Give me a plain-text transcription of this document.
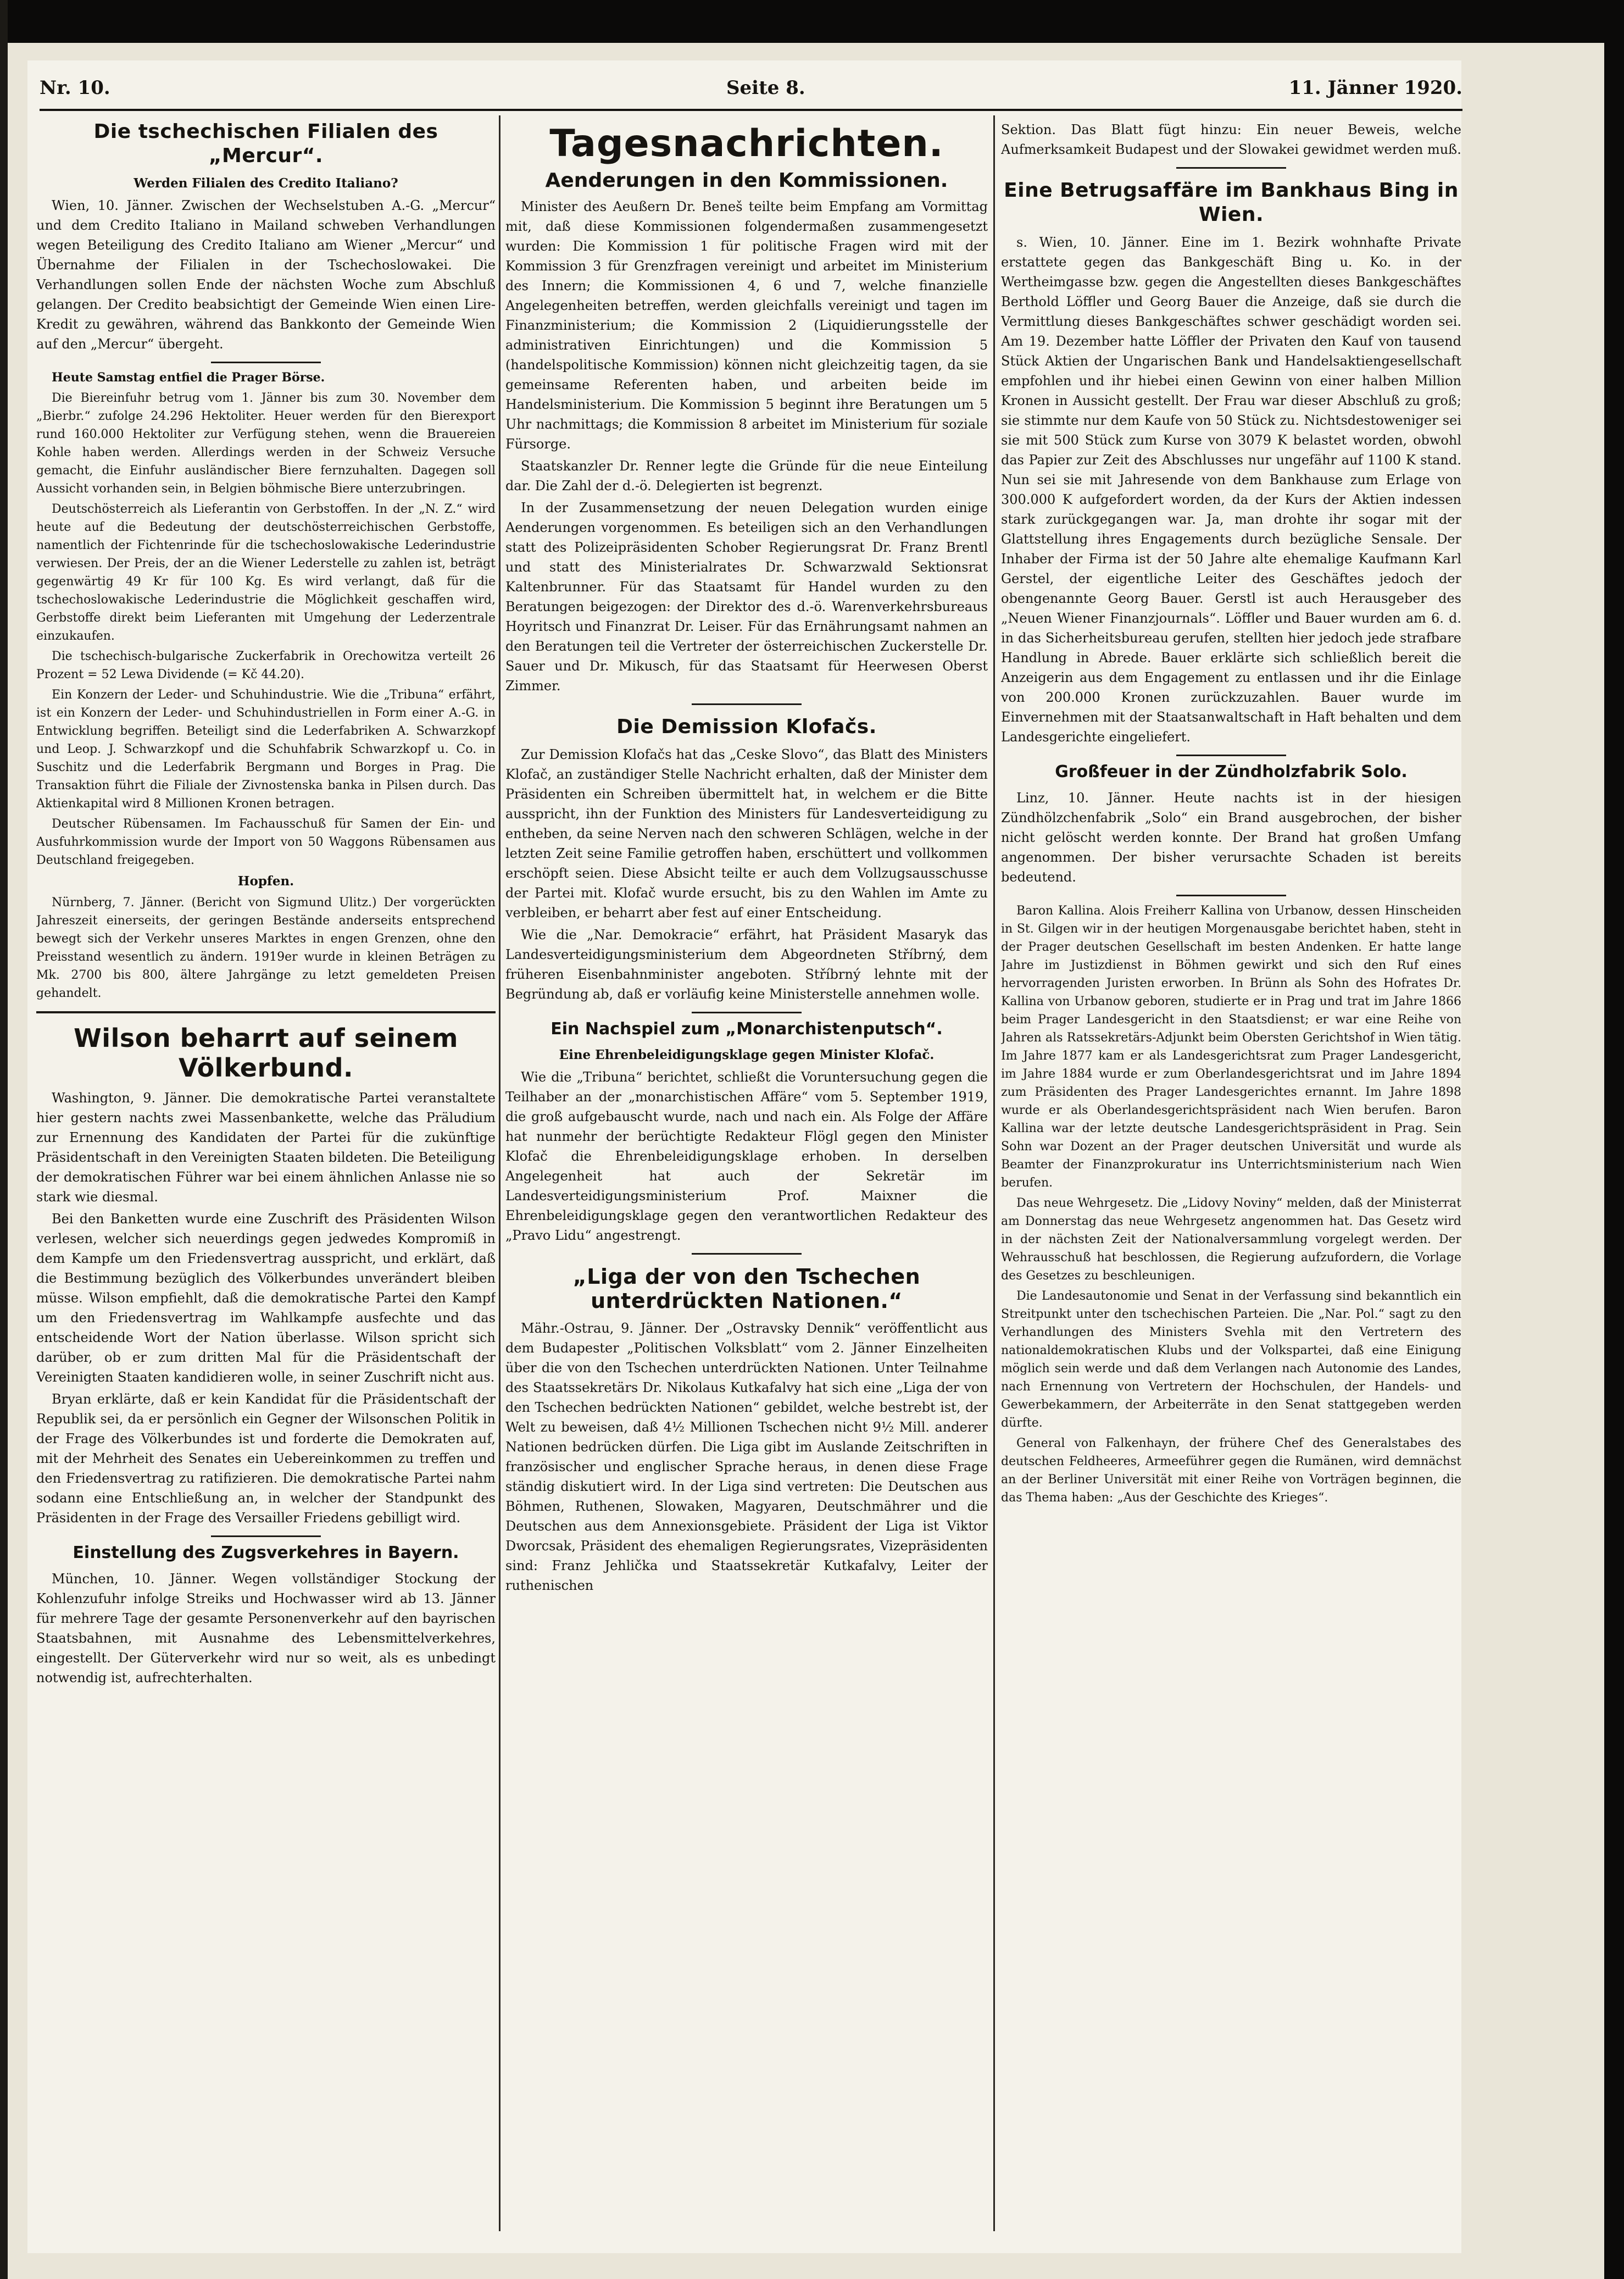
Nr. 10.	Seite 8.	11. Jänner 1920.
Die tschechischen Filialen des „Mercur“.

Werden Filialen des Credito Italiano?

Wien, 10. Jänner. Zwischen der Wechselstuben A.-G. „Mercur“ und dem Credito Italiano in Mailand schweben Verhandlungen wegen Beteiligung des Credito Italiano am Wiener „Mercur“ und Übernahme der Filialen in der Tschechoslowakei. Die Verhandlungen sollen Ende der nächsten Woche zum Abschluß gelangen. Der Credito beabsichtigt der Gemeinde Wien einen Lire-Kredit zu gewähren, während das Bankkonto der Gemeinde Wien auf den „Mercur“ übergeht.

Heute Samstag entfiel die Prager Börse.

Die Biereinfuhr betrug vom 1. Jänner bis zum 30. November dem „Bierbr.“ zufolge 24.296 Hektoliter. Heuer werden für den Bierexport rund 160.000 Hektoliter zur Verfügung stehen, wenn die Brauereien Kohle haben werden. Allerdings werden in der Schweiz Versuche gemacht, die Einfuhr ausländischer Biere fernzuhalten. Dagegen soll Aussicht vorhanden sein, in Belgien böhmische Biere unterzubringen.

Deutschösterreich als Lieferantin von Gerbstoffen. In der „N. Z.“ wird heute auf die Bedeutung der deutschösterreichischen Gerbstoffe, namentlich der Fichtenrinde für die tschechoslowakische Lederindustrie verwiesen. Der Preis, der an die Wiener Lederstelle zu zahlen ist, beträgt gegenwärtig 49 Kr für 100 Kg. Es wird verlangt, daß für die tschechoslowakische Lederindustrie die Möglichkeit geschaffen wird, Gerbstoffe direkt beim Lieferanten mit Umgehung der Lederzentrale einzukaufen.

Die tschechisch-bulgarische Zuckerfabrik in Orechowitza verteilt 26 Prozent = 52 Lewa Dividende (= Kč 44.20).

Ein Konzern der Leder- und Schuhindustrie. Wie die „Tribuna“ erfährt, ist ein Konzern der Leder- und Schuhindustriellen in Form einer A.-G. in Entwicklung begriffen. Beteiligt sind die Lederfabriken A. Schwarzkopf und Leop. J. Schwarzkopf und die Schuhfabrik Schwarzkopf u. Co. in Suschitz und die Lederfabrik Bergmann und Borges in Prag. Die Transaktion führt die Filiale der Zivnostenska banka in Pilsen durch. Das Aktienkapital wird 8 Millionen Kronen betragen.

Deutscher Rübensamen. Im Fachausschuß für Samen der Ein- und Ausfuhrkommission wurde der Import von 50 Waggons Rübensamen aus Deutschland freigegeben.

Hopfen.

Nürnberg, 7. Jänner. (Bericht von Sigmund Ulitz.) Der vorgerückten Jahreszeit einerseits, der geringen Bestände anderseits entsprechend bewegt sich der Verkehr unseres Marktes in engen Grenzen, ohne den Preisstand wesentlich zu ändern. 1919er wurde in kleinen Beträgen zu Mk. 2700 bis 800, ältere Jahrgänge zu letzt gemeldeten Preisen gehandelt.

Wilson beharrt auf seinem Völkerbund.

Washington, 9. Jänner. Die demokratische Partei veranstaltete hier gestern nachts zwei Massenbankette, welche das Präludium zur Ernennung des Kandidaten der Partei für die zukünftige Präsidentschaft in den Vereinigten Staaten bildeten. Die Beteiligung der demokratischen Führer war bei einem ähnlichen Anlasse nie so stark wie diesmal.

Bei den Banketten wurde eine Zuschrift des Präsidenten Wilson verlesen, welcher sich neuerdings gegen jedwedes Kompromiß in dem Kampfe um den Friedensvertrag ausspricht, und erklärt, daß die Bestimmung bezüglich des Völkerbundes unverändert bleiben müsse. Wilson empfiehlt, daß die demokratische Partei den Kampf um den Friedensvertrag im Wahlkampfe ausfechte und das entscheidende Wort der Nation überlasse. Wilson spricht sich darüber, ob er zum dritten Mal für die Präsidentschaft der Vereinigten Staaten kandidieren wolle, in seiner Zuschrift nicht aus.

Bryan erklärte, daß er kein Kandidat für die Präsidentschaft der Republik sei, da er persönlich ein Gegner der Wilsonschen Politik in der Frage des Völkerbundes ist und forderte die Demokraten auf, mit der Mehrheit des Senates ein Uebereinkommen zu treffen und den Friedensvertrag zu ratifizieren. Die demokratische Partei nahm sodann eine Entschließung an, in welcher der Standpunkt des Präsidenten in der Frage des Versailler Friedens gebilligt wird.

Einstellung des Zugsverkehres in Bayern.

München, 10. Jänner. Wegen vollständiger Stockung der Kohlenzufuhr infolge Streiks und Hochwasser wird ab 13. Jänner für mehrere Tage der gesamte Personenverkehr auf den bayrischen Staatsbahnen, mit Ausnahme des Lebensmittelverkehres, eingestellt. Der Güterverkehr wird nur so weit, als es unbedingt notwendig ist, aufrechterhalten.

Tagesnachrichten.
Aenderungen in den Kommissionen.

Minister des Aeußern Dr. Beneš teilte beim Empfang am Vormittag mit, daß diese Kommissionen folgendermaßen zusammengesetzt wurden: Die Kommission 1 für politische Fragen wird mit der Kommission 3 für Grenzfragen vereinigt und arbeitet im Ministerium des Innern; die Kommissionen 4, 6 und 7, welche finanzielle Angelegenheiten betreffen, werden gleichfalls vereinigt und tagen im Finanzministerium; die Kommission 2 (Liquidierungsstelle der administrativen Einrichtungen) und die Kommission 5 (handelspolitische Kommission) können nicht gleichzeitig tagen, da sie gemeinsame Referenten haben, und arbeiten beide im Handelsministerium. Die Kommission 5 beginnt ihre Beratungen um 5 Uhr nachmittags; die Kommission 8 arbeitet im Ministerium für soziale Fürsorge.

Staatskanzler Dr. Renner legte die Gründe für die neue Einteilung dar. Die Zahl der d.-ö. Delegierten ist begrenzt.

In der Zusammensetzung der neuen Delegation wurden einige Aenderungen vorgenommen. Es beteiligen sich an den Verhandlungen statt des Polizeipräsidenten Schober Regierungsrat Dr. Franz Brentl und statt des Ministerialrates Dr. Schwarzwald Sektionsrat Kaltenbrunner. Für das Staatsamt für Handel wurden zu den Beratungen beigezogen: der Direktor des d.-ö. Warenverkehrsbureaus Hoyritsch und Finanzrat Dr. Leiser. Für das Ernährungsamt nahmen an den Beratungen teil die Vertreter der österreichischen Zuckerstelle Dr. Sauer und Dr. Mikusch, für das Staatsamt für Heerwesen Oberst Zimmer.

Die Demission Klofačs.

Zur Demission Klofačs hat das „Ceske Slovo“, das Blatt des Ministers Klofač, an zuständiger Stelle Nachricht erhalten, daß der Minister dem Präsidenten ein Schreiben übermittelt hat, in welchem er die Bitte ausspricht, ihn der Funktion des Ministers für Landesverteidigung zu entheben, da seine Nerven nach den schweren Schlägen, welche in der letzten Zeit seine Familie getroffen haben, erschüttert und vollkommen erschöpft seien. Diese Absicht teilte er auch dem Vollzugsausschusse der Partei mit. Klofač wurde ersucht, bis zu den Wahlen im Amte zu verbleiben, er beharrt aber fest auf einer Entscheidung.

Wie die „Nar. Demokracie“ erfährt, hat Präsident Masaryk das Landesverteidigungsministerium dem Abgeordneten Stříbrný, dem früheren Eisenbahnminister angeboten. Stříbrný lehnte mit der Begründung ab, daß er vorläufig keine Ministerstelle annehmen wolle.

Ein Nachspiel zum „Monarchistenputsch“.

Eine Ehrenbeleidigungsklage gegen Minister Klofač.

Wie die „Tribuna“ berichtet, schließt die Voruntersuchung gegen die Teilhaber an der „monarchistischen Affäre“ vom 5. September 1919, die groß aufgebauscht wurde, nach und nach ein. Als Folge der Affäre hat nunmehr der berüchtigte Redakteur Flögl gegen den Minister Klofač die Ehrenbeleidigungsklage erhoben. In derselben Angelegenheit hat auch der Sekretär im Landesverteidigungsministerium Prof. Maixner die Ehrenbeleidigungsklage gegen den verantwortlichen Redakteur des „Pravo Lidu“ angestrengt.

„Liga der von den Tschechen unterdrückten Nationen.“

Mähr.-Ostrau, 9. Jänner. Der „Ostravsky Dennik“ veröffentlicht aus dem Budapester „Politischen Volksblatt“ vom 2. Jänner Einzelheiten über die von den Tschechen unterdrückten Nationen. Unter Teilnahme des Staatssekretärs Dr. Nikolaus Kutkafalvy hat sich eine „Liga der von den Tschechen bedrückten Nationen“ gebildet, welche bestrebt ist, der Welt zu beweisen, daß 4½ Millionen Tschechen nicht 9½ Mill. anderer Nationen bedrücken dürfen. Die Liga gibt im Auslande Zeitschriften in französischer und englischer Sprache heraus, in denen diese Frage ständig diskutiert wird. In der Liga sind vertreten: Die Deutschen aus Böhmen, Ruthenen, Slowaken, Magyaren, Deutschmährer und die Deutschen aus dem Annexionsgebiete. Präsident der Liga ist Viktor Dworcsak, Präsident des ehemaligen Regierungsrates, Vizepräsidenten sind: Franz Jehlička und Staatssekretär Kutkafalvy, Leiter der ruthenischen

Sektion. Das Blatt fügt hinzu: Ein neuer Beweis, welche Aufmerksamkeit Budapest und der Slowakei gewidmet werden muß.

Eine Betrugsaffäre im Bankhaus Bing in Wien.

s. Wien, 10. Jänner. Eine im 1. Bezirk wohnhafte Private erstattete gegen das Bankgeschäft Bing u. Ko. in der Wertheimgasse bzw. gegen die Angestellten dieses Bankgeschäftes Berthold Löffler und Georg Bauer die Anzeige, daß sie durch die Vermittlung dieses Bankgeschäftes schwer geschädigt worden sei. Am 19. Dezember hatte Löffler der Privaten den Kauf von tausend Stück Aktien der Ungarischen Bank und Handelsaktiengesellschaft empfohlen und ihr hiebei einen Gewinn von einer halben Million Kronen in Aussicht gestellt. Der Frau war dieser Abschluß zu groß; sie stimmte nur dem Kaufe von 50 Stück zu. Nichtsdestoweniger sei sie mit 500 Stück zum Kurse von 3079 K belastet worden, obwohl das Papier zur Zeit des Abschlusses nur ungefähr auf 1100 K stand. Nun sei sie mit Jahresende von dem Bankhause zum Erlage von 300.000 K aufgefordert worden, da der Kurs der Aktien indessen stark zurückgegangen war. Ja, man drohte ihr sogar mit der Glattstellung ihres Engagements durch bezügliche Sensale. Der Inhaber der Firma ist der 50 Jahre alte ehemalige Kaufmann Karl Gerstel, der eigentliche Leiter des Geschäftes jedoch der obengenannte Georg Bauer. Gerstl ist auch Herausgeber des „Neuen Wiener Finanzjournals“. Löffler und Bauer wurden am 6. d. in das Sicherheitsbureau gerufen, stellten hier jedoch jede strafbare Handlung in Abrede. Bauer erklärte sich schließlich bereit die Anzeigerin aus dem Engagement zu entlassen und ihr die Einlage von 200.000 Kronen zurückzuzahlen. Bauer wurde im Einvernehmen mit der Staatsanwaltschaft in Haft behalten und dem Landesgerichte eingeliefert.

Großfeuer in der Zündholzfabrik Solo.

Linz, 10. Jänner. Heute nachts ist in der hiesigen Zündhölzchenfabrik „Solo“ ein Brand ausgebrochen, der bisher nicht gelöscht werden konnte. Der Brand hat großen Umfang angenommen. Der bisher verursachte Schaden ist bereits bedeutend.

Baron Kallina. Alois Freiherr Kallina von Urbanow, dessen Hinscheiden in St. Gilgen wir in der heutigen Morgenausgabe berichtet haben, steht in der Prager deutschen Gesellschaft im besten Andenken. Er hatte lange Jahre im Justizdienst in Böhmen gewirkt und sich den Ruf eines hervorragenden Juristen erworben. In Brünn als Sohn des Hofrates Dr. Kallina von Urbanow geboren, studierte er in Prag und trat im Jahre 1866 beim Prager Landesgericht in den Staatsdienst; er war eine Reihe von Jahren als Ratssekretärs-Adjunkt beim Obersten Gerichtshof in Wien tätig. Im Jahre 1877 kam er als Landesgerichtsrat zum Prager Landesgericht, im Jahre 1884 wurde er zum Oberlandesgerichtsrat und im Jahre 1894 zum Präsidenten des Prager Landesgerichtes ernannt. Im Jahre 1898 wurde er als Oberlandesgerichtspräsident nach Wien berufen. Baron Kallina war der letzte deutsche Landesgerichtspräsident in Prag. Sein Sohn war Dozent an der Prager deutschen Universität und wurde als Beamter der Finanzprokuratur ins Unterrichtsministerium nach Wien berufen.

Das neue Wehrgesetz. Die „Lidovy Noviny“ melden, daß der Ministerrat am Donnerstag das neue Wehrgesetz angenommen hat. Das Gesetz wird in der nächsten Zeit der Nationalversammlung vorgelegt werden. Der Wehrausschuß hat beschlossen, die Regierung aufzufordern, die Vorlage des Gesetzes zu beschleunigen.

Die Landesautonomie und Senat in der Verfassung sind bekanntlich ein Streitpunkt unter den tschechischen Parteien. Die „Nar. Pol.“ sagt zu den Verhandlungen des Ministers Svehla mit den Vertretern des nationaldemokratischen Klubs und der Volkspartei, daß eine Einigung möglich sein werde und daß dem Verlangen nach Autonomie des Landes, nach Ernennung von Vertretern der Hochschulen, der Handels- und Gewerbekammern, der Arbeiterräte in den Senat stattgegeben werden dürfte.

General von Falkenhayn, der frühere Chef des Generalstabes des deutschen Feldheeres, Armeeführer gegen die Rumänen, wird demnächst an der Berliner Universität mit einer Reihe von Vorträgen beginnen, die das Thema haben: „Aus der Geschichte des Krieges“.
